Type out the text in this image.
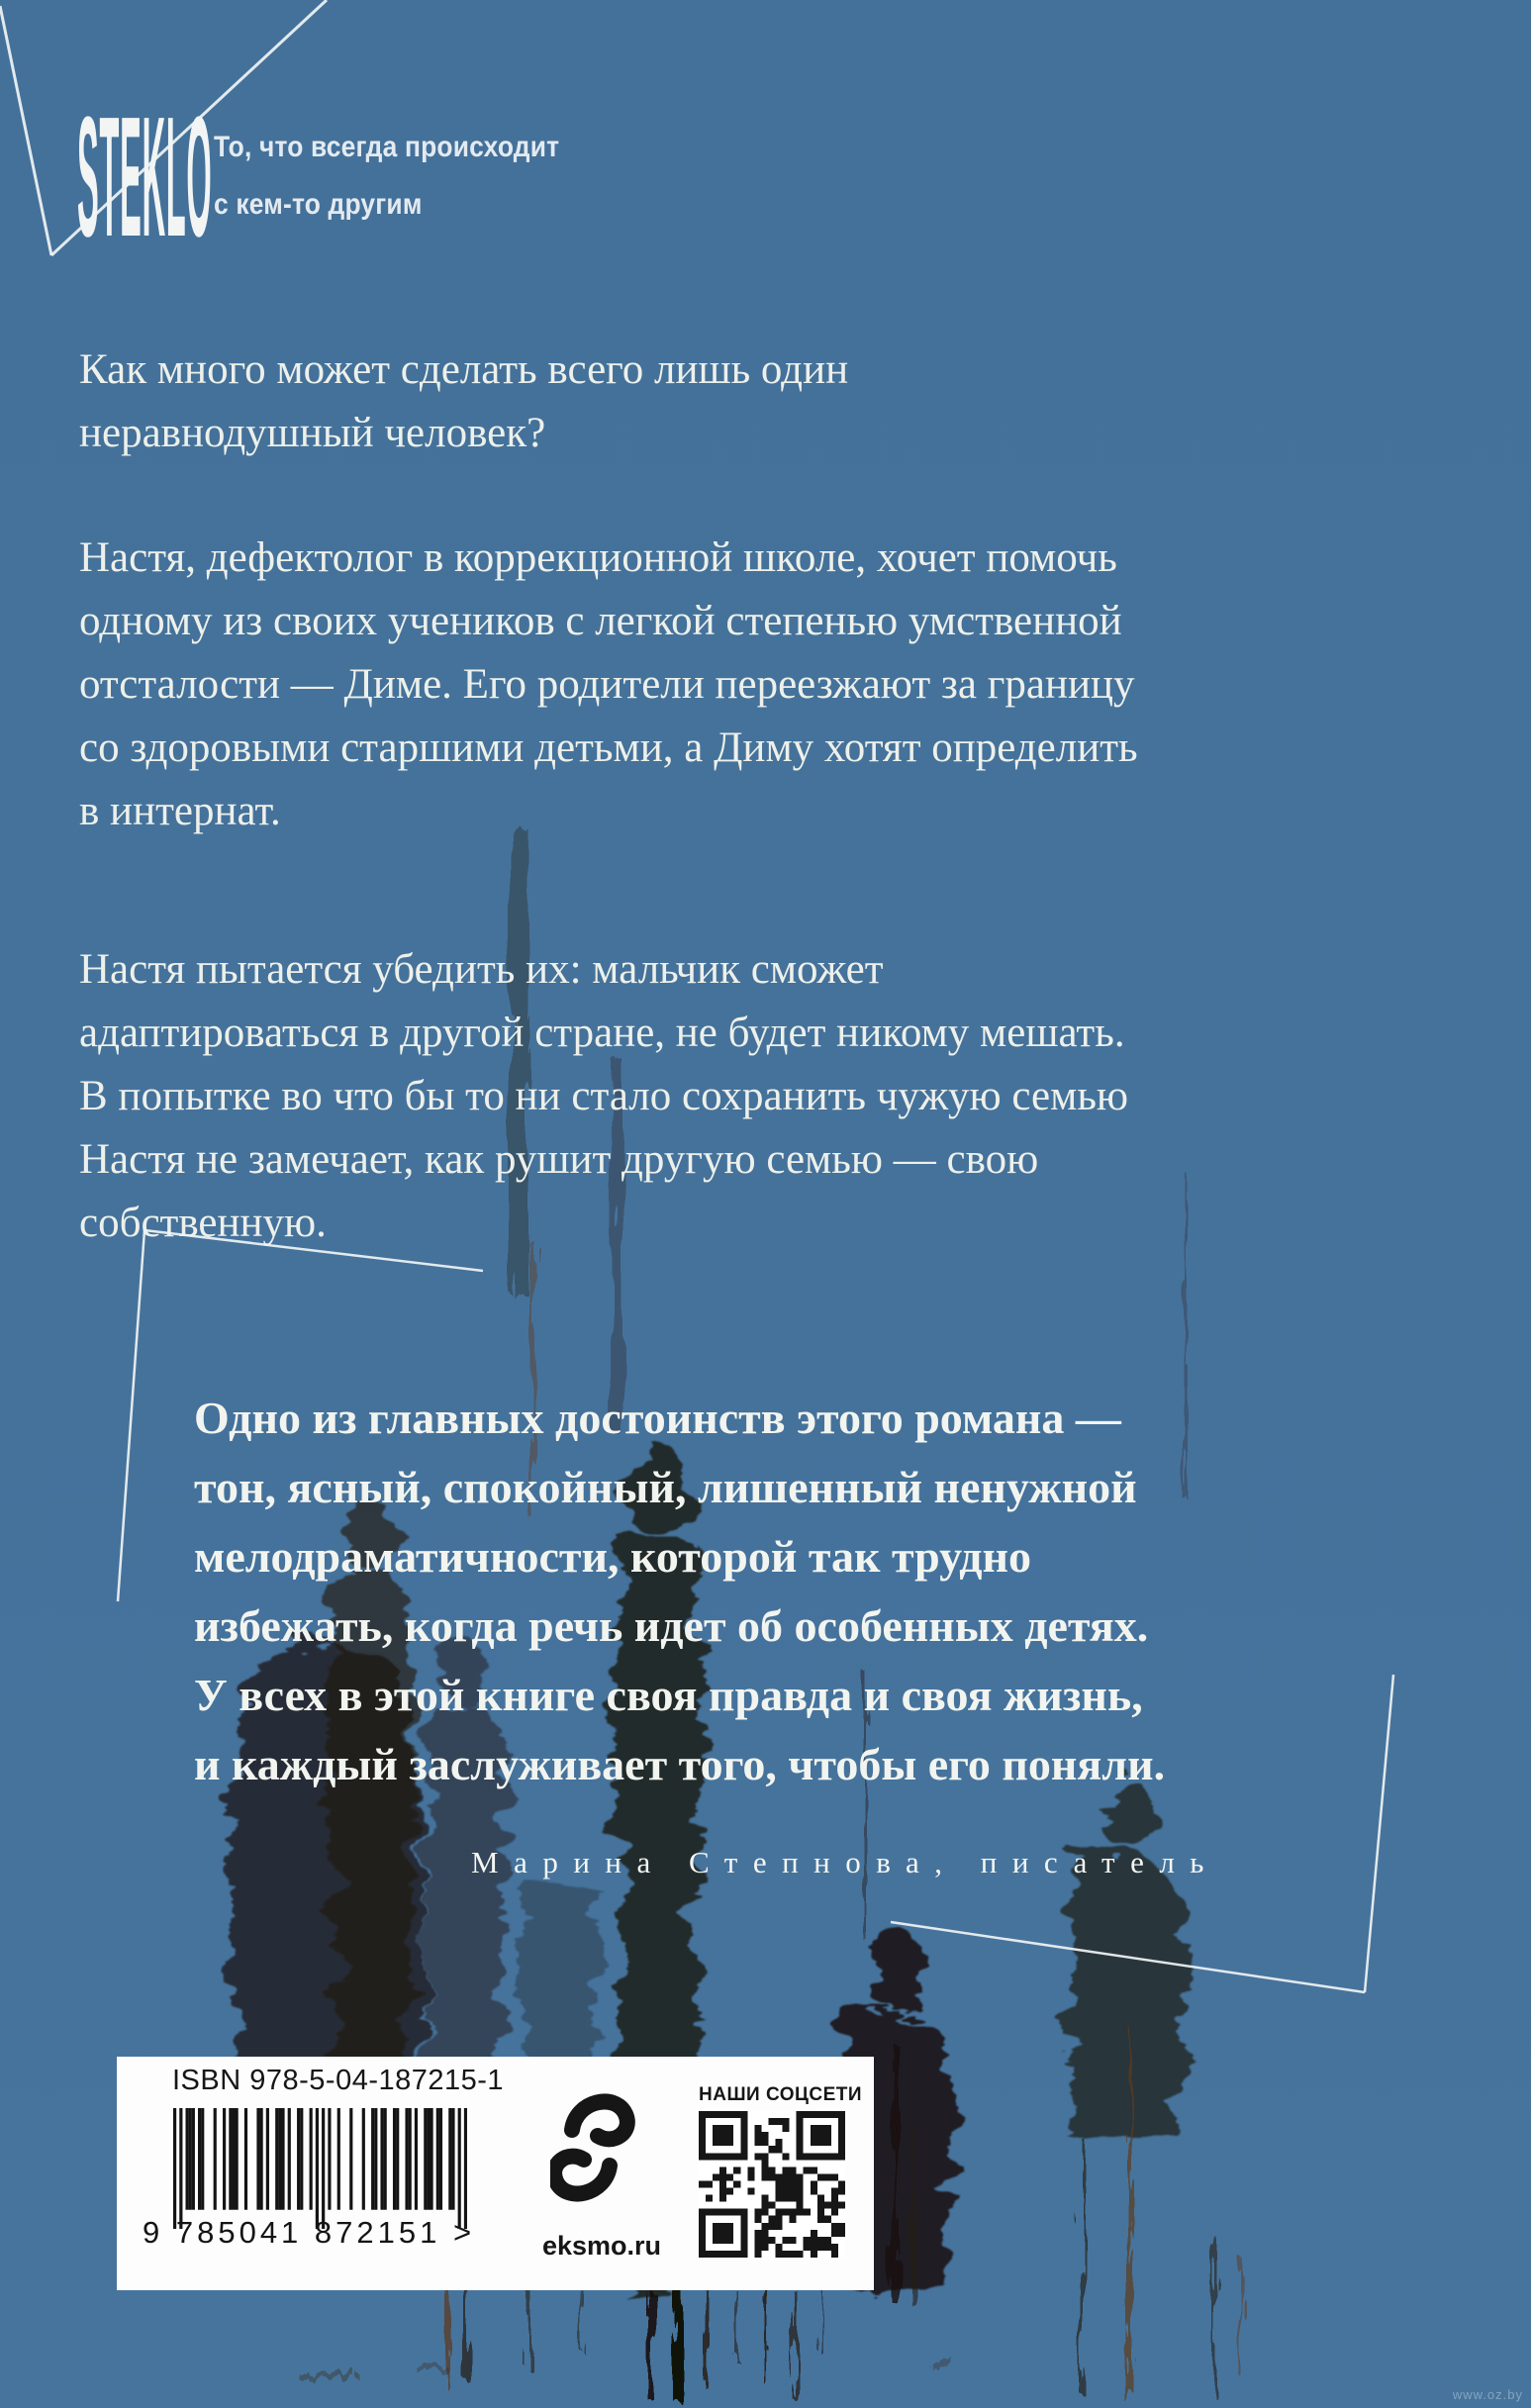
STEKLO То, что всегда происходит
с кем-то другим
Как много может сделать всего лишь один
неравнодушный человек?
Настя, дефектолог в коррекционной школе, хочет помочь
одному из своих учеников с легкой степенью умственной
отсталости — Диме. Его родители переезжают за границу
со здоровыми старшими детьми, а Диму хотят определить
в интернат.
Настя пытается убедить их: мальчик сможет
адаптироваться в другой стране, не будет никому мешать.
В попытке во что бы то ни стало сохранить чужую семью
Настя не замечает, как рушит другую семью — свою
собственную.
Одно из главных достоинств этого романа —
тон, ясный, спокойный, лишенный ненужной
мелодраматичности, которой так трудно
избежать, когда речь идет об особенных детях.
У всех в этой книге своя правда и своя жизнь,
и каждый заслуживает того, чтобы его поняли.
Марина Степнова, писатель
ISBN 978-5-04-187215-1
9 785041 872151 >	eksmo.ru
НАШИ СОЦСЕТИ
www.oz.by
